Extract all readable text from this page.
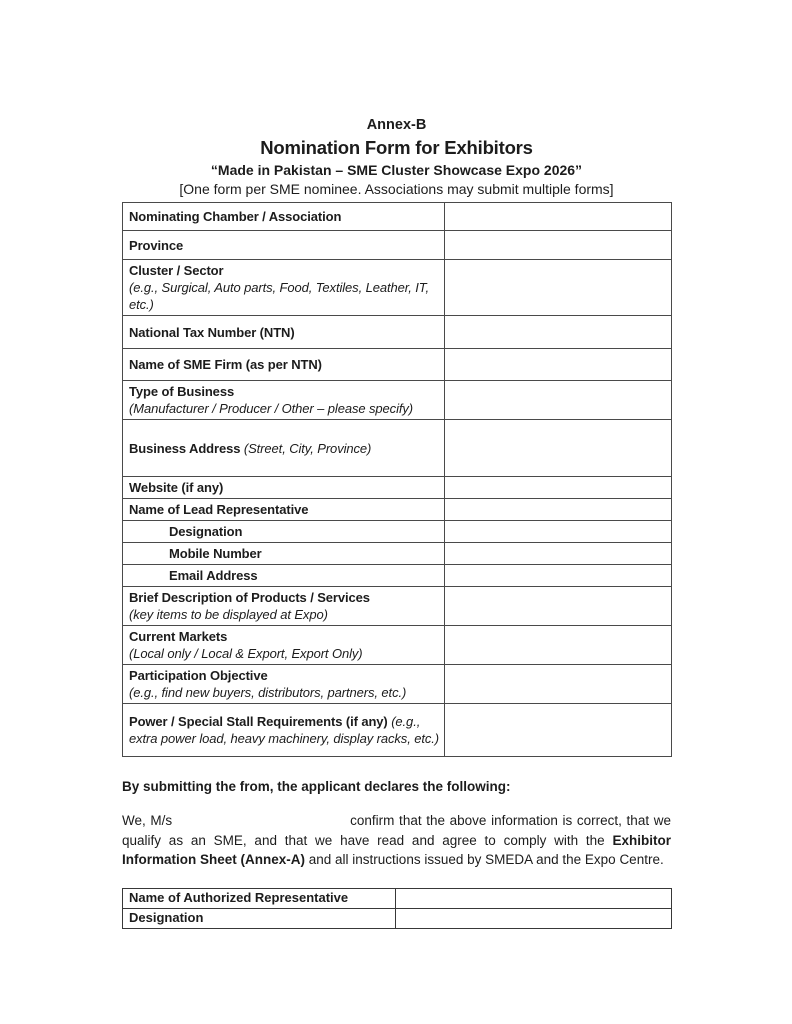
Annex-B
Nomination Form for Exhibitors
“Made in Pakistan – SME Cluster Showcase Expo 2026”
[One form per SME nominee. Associations may submit multiple forms]
Nominating Chamber / Association	

Province	

Cluster / Sector
(e.g., Surgical, Auto parts, Food, Textiles, Leather, IT, etc.)	

National Tax Number (NTN)	

Name of SME Firm (as per NTN)	

Type of Business
(Manufacturer / Producer / Other – please specify)	

Business Address (Street, City, Province)	

Website (if any)	

Name of Lead Representative	

Designation	

Mobile Number	

Email Address	

Brief Description of Products / Services
(key items to be displayed at Expo)	

Current Markets
(Local only / Local & Export, Export Only)	

Participation Objective
(e.g., find new buyers, distributors, partners, etc.)	

Power / Special Stall Requirements (if any) (e.g., extra power load, heavy machinery, display racks, etc.)	
By submitting the from, the applicant declares the following:
We, M/s	confirm that the above information is correct, that we qualify as an SME, and that we have read and agree to comply with the Exhibitor Information Sheet (Annex-A) and all instructions issued by SMEDA and the Expo Centre.
Name of Authorized Representative	
Designation	
